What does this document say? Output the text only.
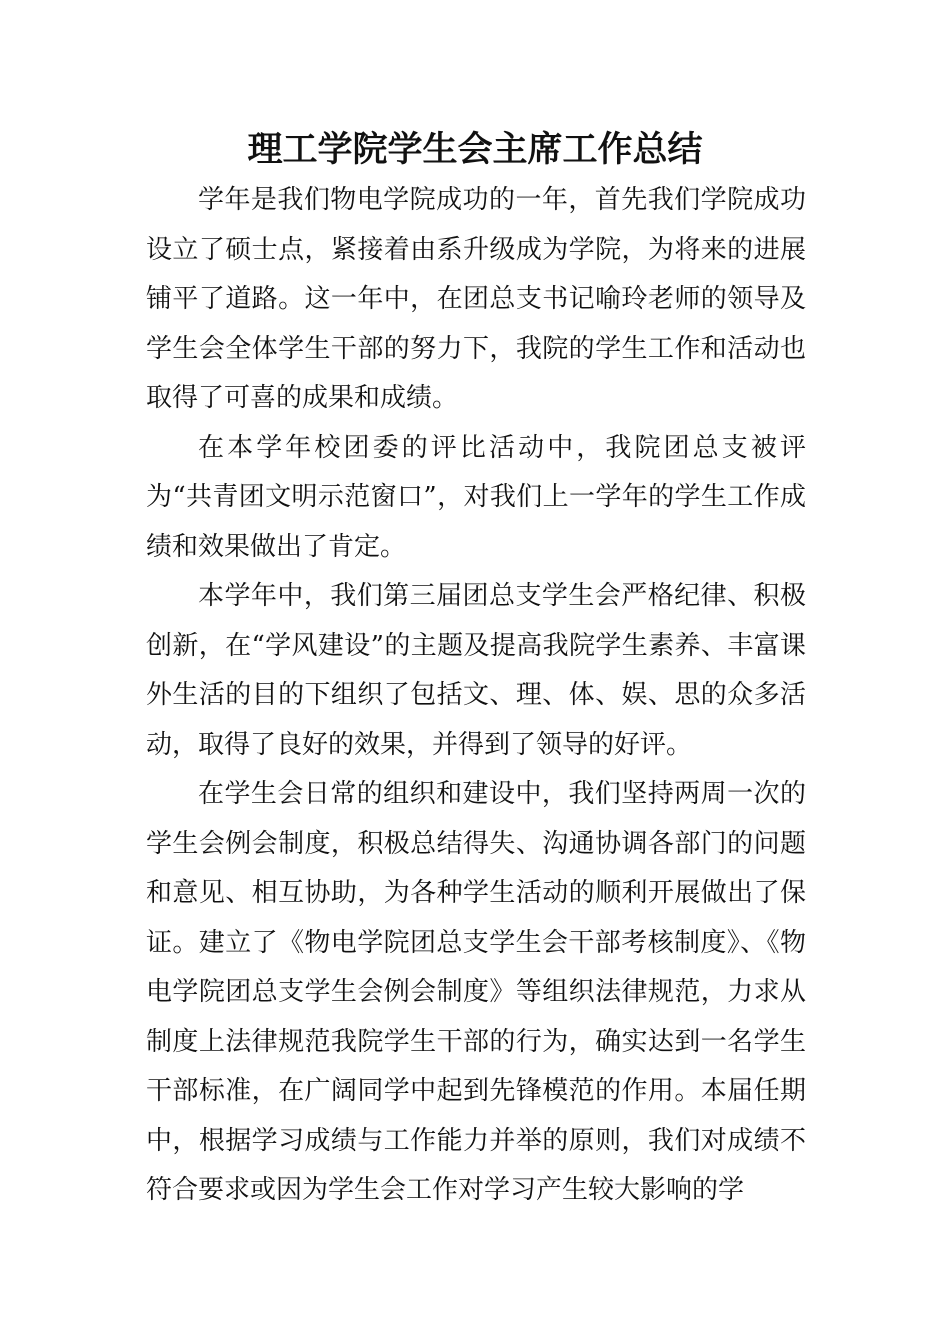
理工学院学生会主席工作总结

学年是我们物电学院成功的一年，首先我们学院成功设立了硕士点，紧接着由系升级成为学院，为将来的进展铺平了道路。这一年中，在团总支书记喻玲老师的领导及学生会全体学生干部的努力下，我院的学生工作和活动也取得了可喜的成果和成绩。

在本学年校团委的评比活动中，我院团总支被评为“共青团文明示范窗口”，对我们上一学年的学生工作成绩和效果做出了肯定。

本学年中，我们第三届团总支学生会严格纪律、积极创新，在“学风建设”的主题及提高我院学生素养、丰富课外生活的目的下组织了包括文、理、体、娱、思的众多活动，取得了良好的效果，并得到了领导的好评。

在学生会日常的组织和建设中，我们坚持两周一次的学生会例会制度，积极总结得失、沟通协调各部门的问题和意见、相互协助，为各种学生活动的顺利开展做出了保证。建立了《物电学院团总支学生会干部考核制度》、《物电学院团总支学生会例会制度》等组织法律规范，力求从制度上法律规范我院学生干部的行为，确实达到一名学生干部标准，在广阔同学中起到先锋模范的作用。本届任期中，根据学习成绩与工作能力并举的原则，我们对成绩不符合要求或因为学生会工作对学习产生较大影响的学
